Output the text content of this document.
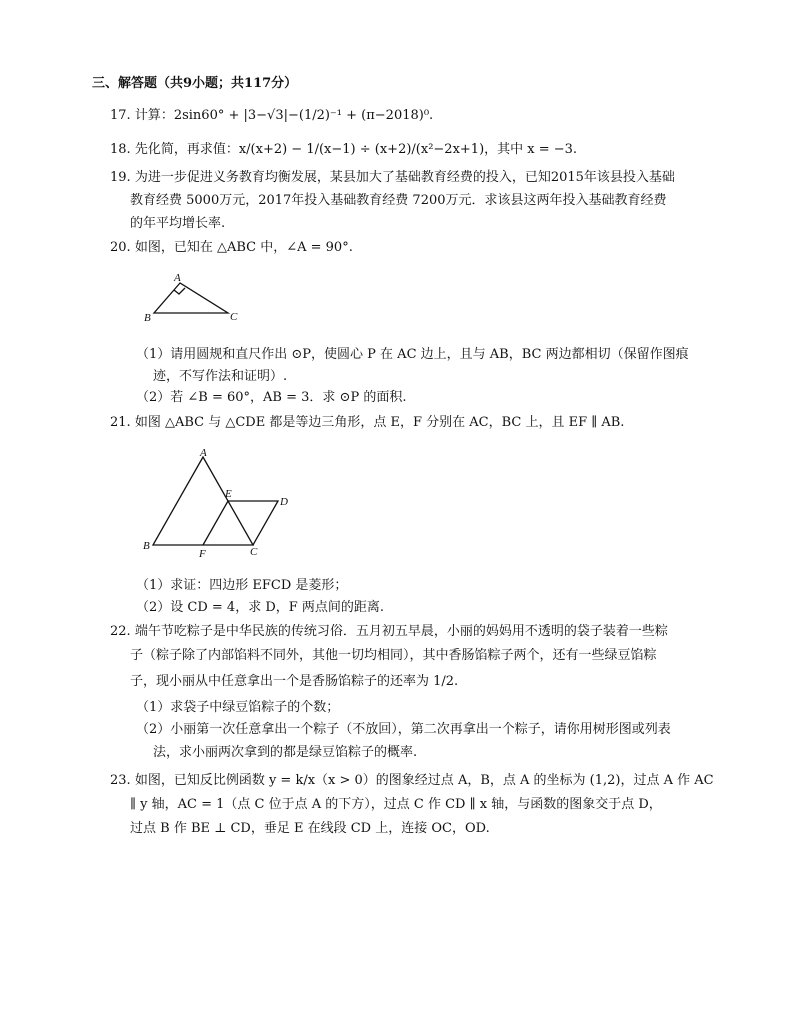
三、解答题（共9小题；共117分）
17. 计算：2sin60° + |3−√3|−(1/2)⁻¹ + (π−2018)⁰.
18. 先化简，再求值：x/(x+2) − 1/(x−1) ÷ (x+2)/(x²−2x+1)，其中 x = −3.
19. 为进一步促进义务教育均衡发展，某县加大了基础教育经费的投入，已知2015年该县投入基础
教育经费 5000万元，2017年投入基础教育经费 7200万元．求该县这两年投入基础教育经费
的年平均增长率.
20. 如图，已知在 △ABC 中，∠A = 90°.
A
B	C
（1）请用圆规和直尺作出 ⊙P，使圆心 P 在 AC 边上，且与 AB，BC 两边都相切（保留作图痕
迹，不写作法和证明）.
（2）若 ∠B = 60°，AB = 3．求 ⊙P 的面积.
21. 如图 △ABC 与 △CDE 都是等边三角形，点 E，F 分别在 AC，BC 上，且 EF ∥ AB.
A
B	C
D
E
F
（1）求证：四边形 EFCD 是菱形；
（2）设 CD = 4，求 D，F 两点间的距离.
22. 端午节吃粽子是中华民族的传统习俗．五月初五早晨，小丽的妈妈用不透明的袋子装着一些粽
子（粽子除了内部馅料不同外，其他一切均相同），其中香肠馅粽子两个，还有一些绿豆馅粽
子，现小丽从中任意拿出一个是香肠馅粽子的还率为 1/2.
（1）求袋子中绿豆馅粽子的个数；
（2）小丽第一次任意拿出一个粽子（不放回），第二次再拿出一个粽子，请你用树形图或列表
法，求小丽两次拿到的都是绿豆馅粽子的概率.
23. 如图，已知反比例函数 y = k/x（x > 0）的图象经过点 A，B，点 A 的坐标为 (1,2)，过点 A 作 AC
∥ y 轴，AC = 1（点 C 位于点 A 的下方），过点 C 作 CD ∥ x 轴，与函数的图象交于点 D，
过点 B 作 BE ⊥ CD，垂足 E 在线段 CD 上，连接 OC，OD.
